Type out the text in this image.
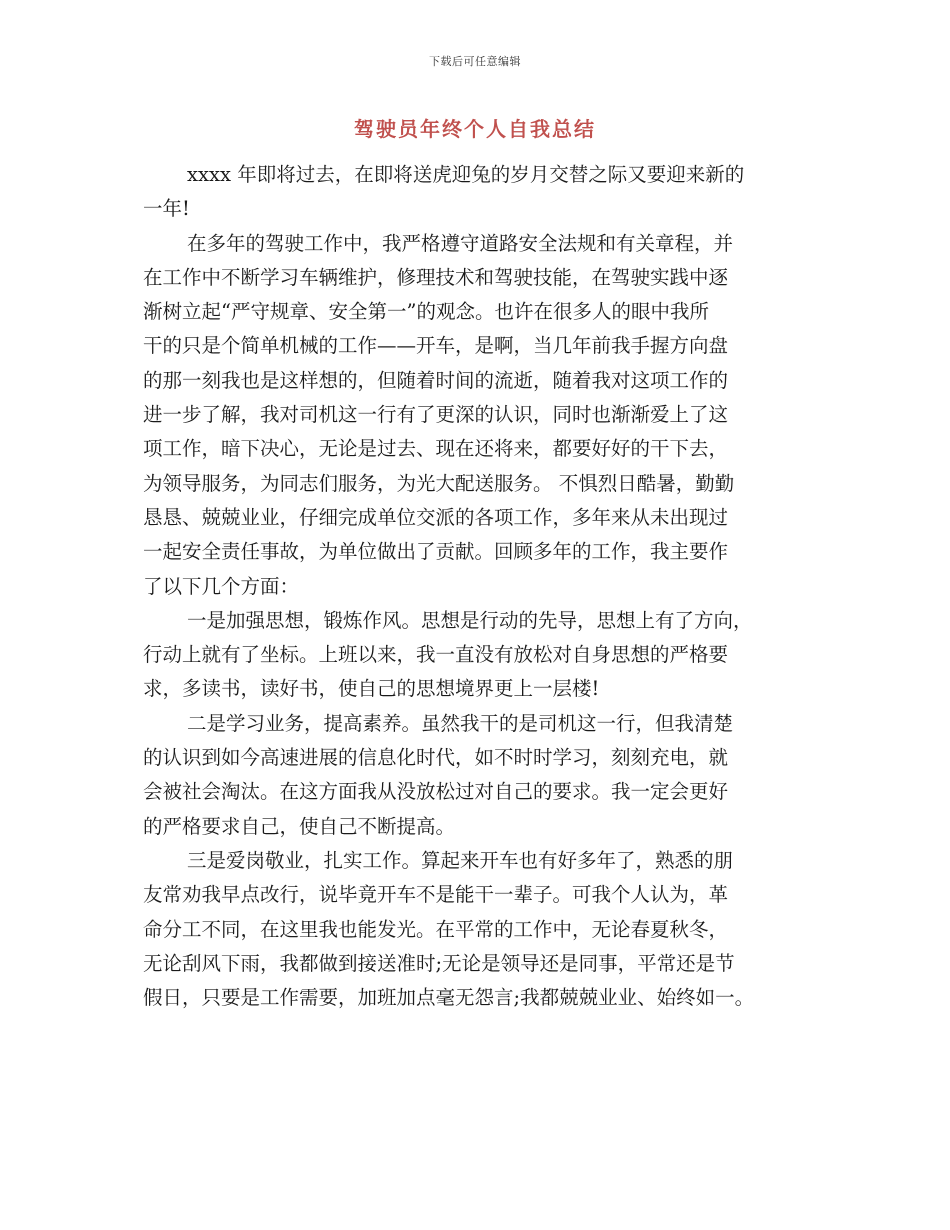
下载后可任意编辑
驾驶员年终个人自我总结
xxxx 年即将过去，在即将送虎迎兔的岁月交替之际又要迎来新的
一年!
在多年的驾驶工作中，我严格遵守道路安全法规和有关章程，并
在工作中不断学习车辆维护，修理技术和驾驶技能，在驾驶实践中逐
渐树立起“严守规章、安全第一”的观念。也许在很多人的眼中我所
干的只是个简单机械的工作——开车，是啊，当几年前我手握方向盘
的那一刻我也是这样想的，但随着时间的流逝，随着我对这项工作的
进一步了解，我对司机这一行有了更深的认识，同时也渐渐爱上了这
项工作，暗下决心，无论是过去、现在还将来，都要好好的干下去，
为领导服务，为同志们服务，为光大配送服务。 不惧烈日酷暑，勤勤
恳恳、兢兢业业，仔细完成单位交派的各项工作，多年来从未出现过
一起安全责任事故，为单位做出了贡献。回顾多年的工作，我主要作
了以下几个方面：
一是加强思想，锻炼作风。思想是行动的先导，思想上有了方向，
行动上就有了坐标。上班以来，我一直没有放松对自身思想的严格要
求，多读书，读好书，使自己的思想境界更上一层楼!
二是学习业务，提高素养。虽然我干的是司机这一行，但我清楚
的认识到如今高速进展的信息化时代，如不时时学习，刻刻充电，就
会被社会淘汰。在这方面我从没放松过对自己的要求。我一定会更好
的严格要求自己，使自己不断提高。
三是爱岗敬业，扎实工作。算起来开车也有好多年了，熟悉的朋
友常劝我早点改行，说毕竟开车不是能干一辈子。可我个人认为，革
命分工不同，在这里我也能发光。在平常的工作中，无论春夏秋冬，
无论刮风下雨，我都做到接送准时;无论是领导还是同事，平常还是节
假日，只要是工作需要，加班加点毫无怨言;我都兢兢业业、始终如一。
